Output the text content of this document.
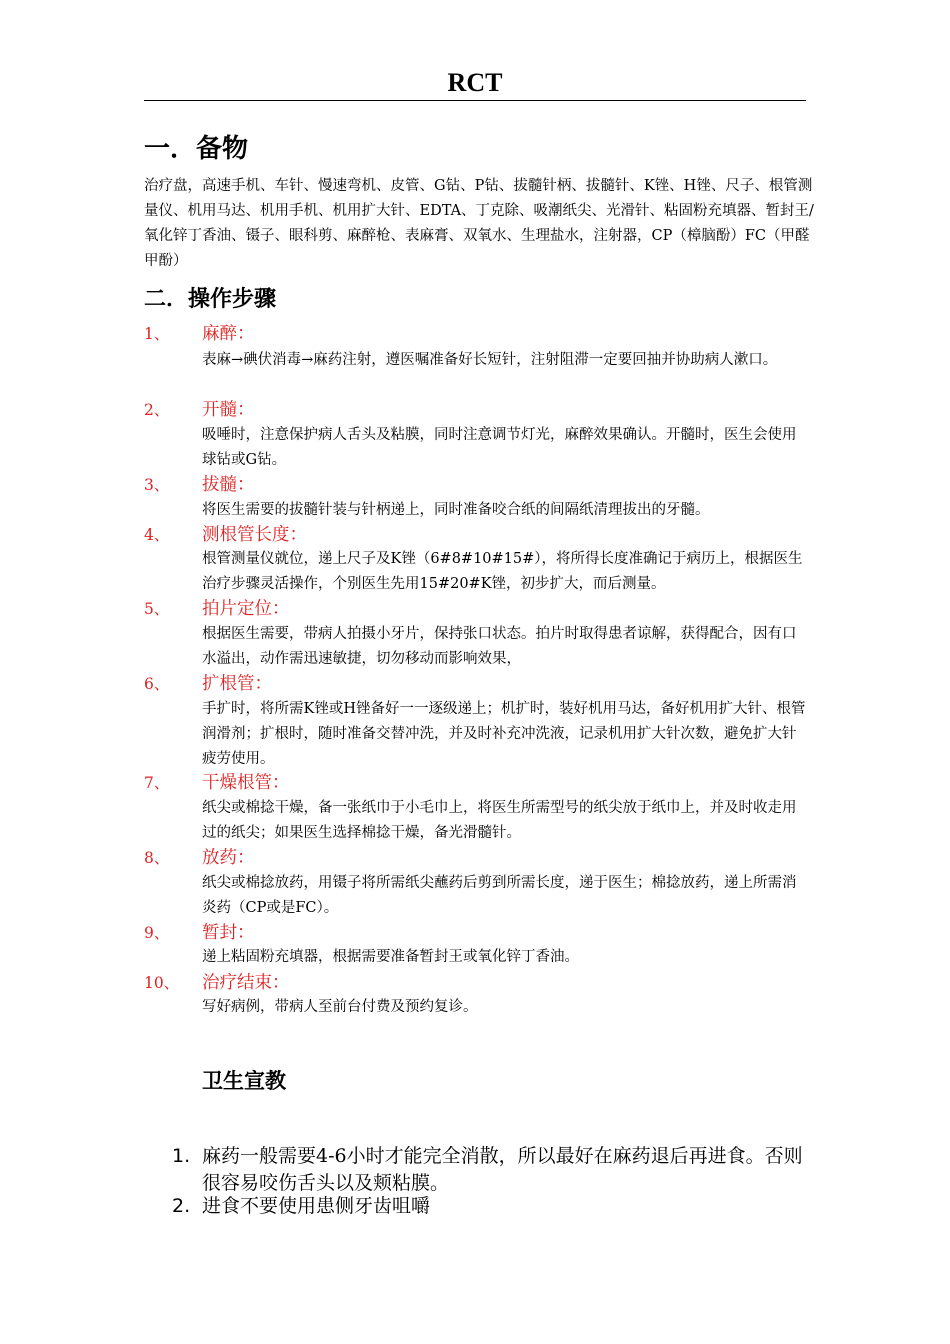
RCT
一．备物
治疗盘，高速手机、车针、慢速弯机、皮管、G钻、P钻、拔髓针柄、拔髓针、K锉、H锉、尺子、根管测量仪、机用马达、机用手机、机用扩大针、EDTA、丁克除、吸潮纸尖、光滑针、粘固粉充填器、暂封王/氧化锌丁香油、镊子、眼科剪、麻醉枪、表麻膏、双氧水、生理盐水，注射器，CP（樟脑酚）FC（甲醛甲酚）
二．操作步骤
1、 麻醉：
表麻→碘伏消毒→麻药注射，遵医嘱准备好长短针，注射阻滞一定要回抽并协助病人漱口。
2、 开髓：
吸唾时，注意保护病人舌头及粘膜，同时注意调节灯光，麻醉效果确认。开髓时，医生会使用球钻或G钻。
3、 拔髓：
将医生需要的拔髓针装与针柄递上，同时准备咬合纸的间隔纸清理拔出的牙髓。
4、 测根管长度：
根管测量仪就位，递上尺子及K锉（6#8#10#15#），将所得长度准确记于病历上，根据医生治疗步骤灵活操作，个别医生先用15#20#K锉，初步扩大，而后测量。
5、 拍片定位：
根据医生需要，带病人拍摄小牙片，保持张口状态。拍片时取得患者谅解，获得配合，因有口水溢出，动作需迅速敏捷，切勿移动而影响效果，
6、 扩根管：
手扩时，将所需K锉或H锉备好一一逐级递上；机扩时，装好机用马达，备好机用扩大针、根管润滑剂；扩根时，随时准备交替冲洗，并及时补充冲洗液，记录机用扩大针次数，避免扩大针疲劳使用。
7、 干燥根管：
纸尖或棉捻干燥，备一张纸巾于小毛巾上，将医生所需型号的纸尖放于纸巾上，并及时收走用过的纸尖；如果医生选择棉捻干燥，备光滑髓针。
8、 放药：
纸尖或棉捻放药，用镊子将所需纸尖蘸药后剪到所需长度，递于医生；棉捻放药，递上所需消炎药（CP或是FC）。
9、 暂封：
递上粘固粉充填器，根据需要准备暂封王或氧化锌丁香油。
10、 治疗结束：
写好病例，带病人至前台付费及预约复诊。
卫生宣教
1. 麻药一般需要4-6小时才能完全消散，所以最好在麻药退后再进食。否则很容易咬伤舌头以及颊粘膜。
2. 进食不要使用患侧牙齿咀嚼
